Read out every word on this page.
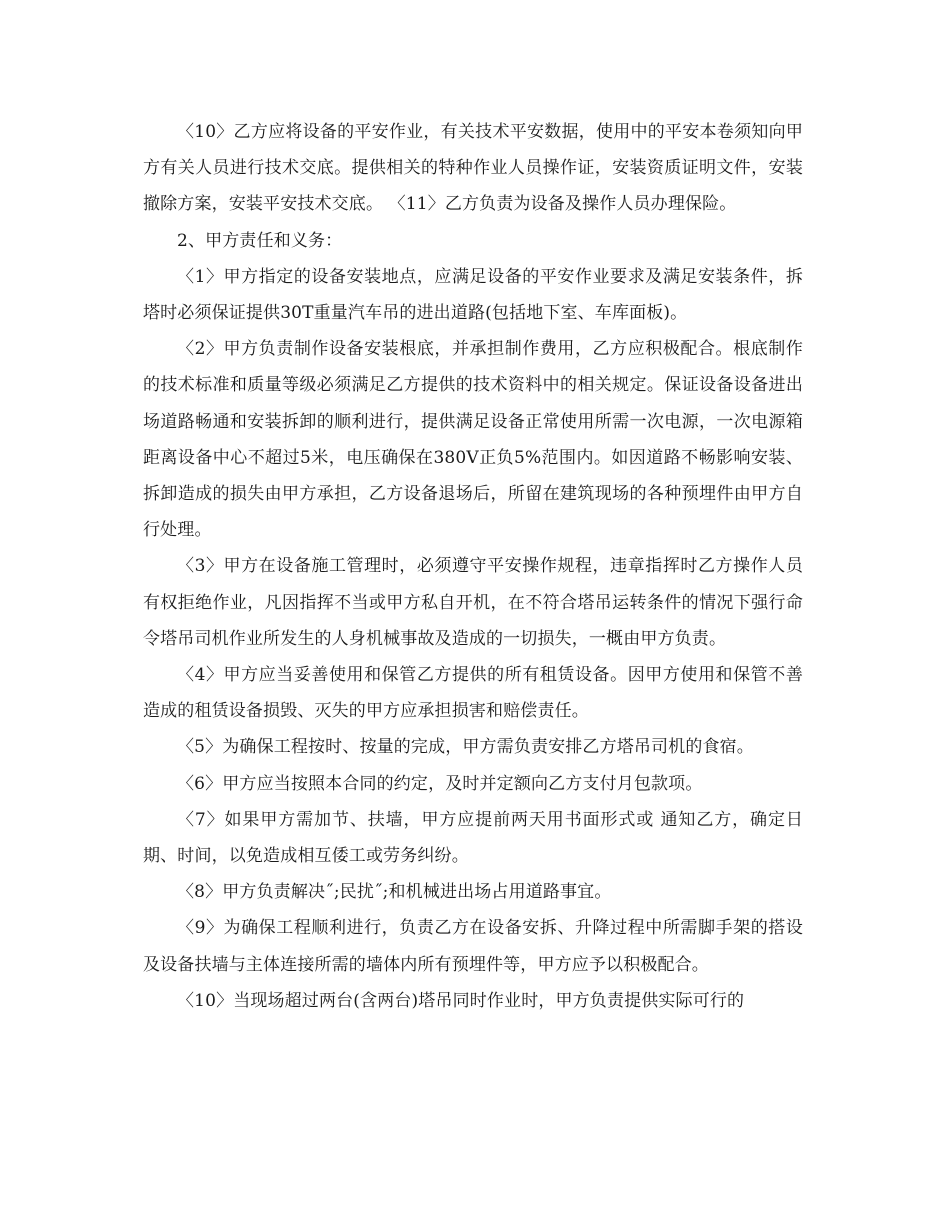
〈10〉乙方应将设备的平安作业，有关技术平安数据，使用中的平安本卷须知向甲方有关人员进行技术交底。提供相关的特种作业人员操作证，安装资质证明文件，安装撤除方案，安装平安技术交底。 〈11〉乙方负责为设备及操作人员办理保险。

2、甲方责任和义务：

〈1〉甲方指定的设备安装地点，应满足设备的平安作业要求及满足安装条件，拆塔时必须保证提供30T重量汽车吊的进出道路(包括地下室、车库面板)。

〈2〉甲方负责制作设备安装根底，并承担制作费用，乙方应积极配合。根底制作的技术标准和质量等级必须满足乙方提供的技术资料中的相关规定。保证设备设备进出场道路畅通和安装拆卸的顺利进行，提供满足设备正常使用所需一次电源，一次电源箱距离设备中心不超过5米，电压确保在380V正负5%范围内。如因道路不畅影响安装、拆卸造成的损失由甲方承担，乙方设备退场后，所留在建筑现场的各种预埋件由甲方自行处理。

〈3〉甲方在设备施工管理时，必须遵守平安操作规程，违章指挥时乙方操作人员有权拒绝作业，凡因指挥不当或甲方私自开机，在不符合塔吊运转条件的情况下强行命令塔吊司机作业所发生的人身机械事故及造成的一切损失，一概由甲方负责。

〈4〉甲方应当妥善使用和保管乙方提供的所有租赁设备。因甲方使用和保管不善造成的租赁设备损毁、灭失的甲方应承担损害和赔偿责任。

〈5〉为确保工程按时、按量的完成，甲方需负责安排乙方塔吊司机的食宿。

〈6〉甲方应当按照本合同的约定，及时并定额向乙方支付月包款项。

〈7〉如果甲方需加节、扶墙，甲方应提前两天用书面形式或 通知乙方，确定日期、时间，以免造成相互倭工或劳务纠纷。

〈8〉甲方负责解决˝;民扰˝;和机械进出场占用道路事宜。

〈9〉为确保工程顺利进行，负责乙方在设备安拆、升降过程中所需脚手架的搭设及设备扶墙与主体连接所需的墙体内所有预埋件等，甲方应予以积极配合。

〈10〉当现场超过两台(含两台)塔吊同时作业时，甲方负责提供实际可行的
